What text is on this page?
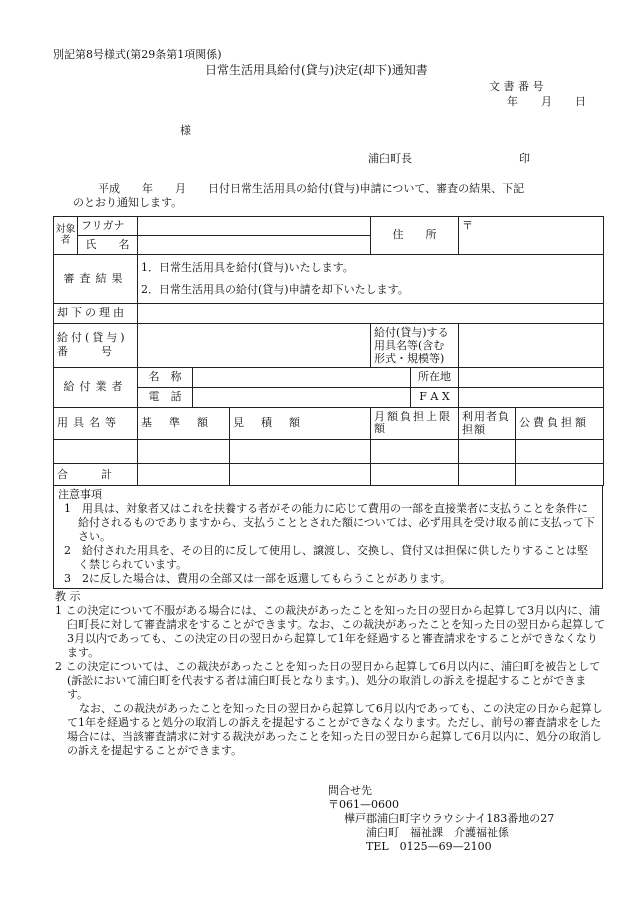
別記第8号様式(第29条第1項関係)
日常生活用具給付(貸与)決定(却下)通知書
文 書 番 号
年　月　日
様
浦臼町長	印
平成　　年　　月　　日付日常生活用具の給付(貸与)申請について、審査の結果、下記
のとおり通知します。
対象者	フリガナ				住　　所		〒	
	氏　　名							
審査結果		1．日常生活用具を給付(貸与)いたします。
2．日常生活用具の給付(貸与)申請を却下いたします。						

却下の理由								

給付(貸与)
番　　　号					給付(貸与)する用具名等(含む形式・規模等)			
給付業者		名　称				所在地		
		電　話				F A X		
用具名等		基　準　額		見　積　額	月額負担上限額		利用者負担額	公費負担額

合　　　計								
注意事項

1　用具は、対象者又はこれを扶養する者がその能力に応じて費用の一部を直接業者に支払うことを条件に給付されるものでありますから、支払うこととされた額については、必ず用具を受け取る前に支払って下さい。

2　給付された用具を、その目的に反して使用し、譲渡し、交換し、貸付又は担保に供したりすることは堅く禁じられています。

3　2に反した場合は、費用の全部又は一部を返還してもらうことがあります。

教 示

1 この決定について不服がある場合には、この裁決があったことを知った日の翌日から起算して3月以内に、浦臼町長に対して審査請求をすることができます。なお、この裁決があったことを知った日の翌日から起算して3月以内であっても、この決定の日の翌日から起算して1年を経過すると審査請求をすることができなくなります。

2 この決定については、この裁決があったことを知った日の翌日から起算して6月以内に、浦臼町を被告として(訴訟において浦臼町を代表する者は浦臼町長となります。)、処分の取消しの訴えを提起することができます。

なお、この裁決があったことを知った日の翌日から起算して6月以内であっても、この決定の日から起算して1年を経過すると処分の取消しの訴えを提起することができなくなります。ただし、前号の審査請求をした場合には、当該審査請求に対する裁決があったことを知った日の翌日から起算して6月以内に、処分の取消しの訴えを提起することができます。

問合せ先
〒061—0600
樺戸郡浦臼町字ウラウシナイ183番地の27
浦臼町　福祉課　介護福祉係
TEL　0125—69—2100
